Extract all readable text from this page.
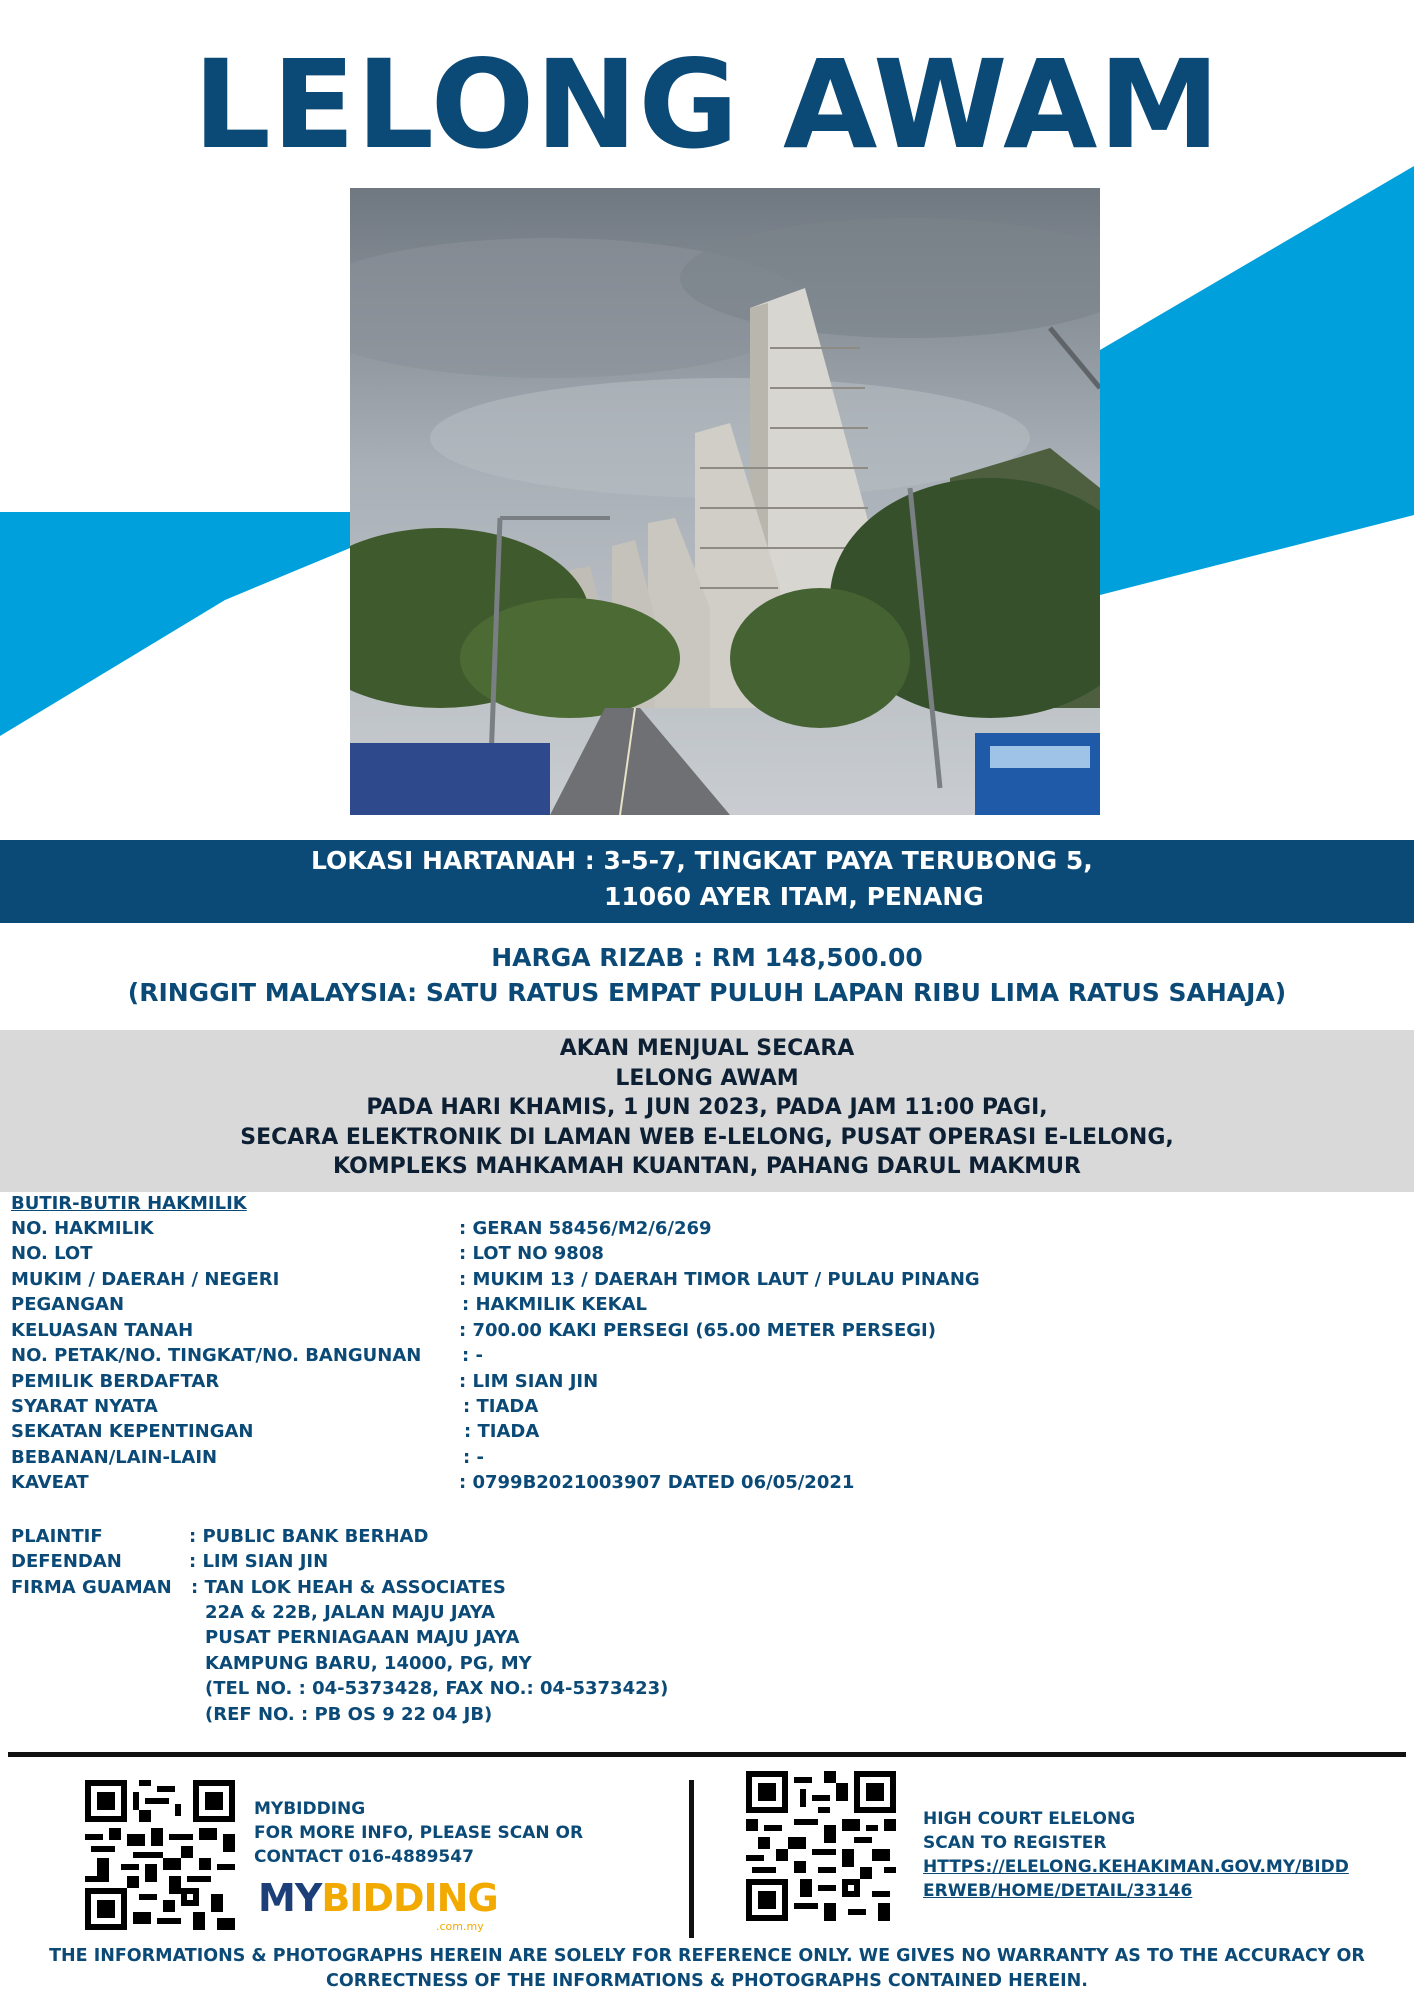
LELONG AWAM
LOKASI HARTANAH : 3-5-7, TINGKAT PAYA TERUBONG 5,
11060 AYER ITAM, PENANG
HARGA RIZAB : RM 148,500.00
(RINGGIT MALAYSIA: SATU RATUS EMPAT PULUH LAPAN RIBU LIMA RATUS SAHAJA)
AKAN MENJUAL SECARA
LELONG AWAM
PADA HARI KHAMIS, 1 JUN 2023, PADA JAM 11:00 PAGI,
SECARA ELEKTRONIK DI LAMAN WEB E-LELONG, PUSAT OPERASI E-LELONG,
KOMPLEKS MAHKAMAH KUANTAN, PAHANG DARUL MAKMUR
BUTIR-BUTIR HAKMILIK
NO. HAKMILIK	: GERAN 58456/M2/6/269
NO. LOT	: LOT NO 9808
MUKIM / DAERAH / NEGERI	: MUKIM 13 / DAERAH TIMOR LAUT / PULAU PINANG
PEGANGAN	: HAKMILIK KEKAL
KELUASAN TANAH	: 700.00 KAKI PERSEGI (65.00 METER PERSEGI)
NO. PETAK/NO. TINGKAT/NO. BANGUNAN : -
PEMILIK BERDAFTAR	: LIM SIAN JIN
SYARAT NYATA	: TIADA
SEKATAN KEPENTINGAN	: TIADA
BEBANAN/LAIN-LAIN	: -
KAVEAT	: 0799B2021003907 DATED 06/05/2021
PLAINTIF	: PUBLIC BANK BERHAD
DEFENDAN	: LIM SIAN JIN
FIRMA GUAMAN : TAN LOK HEAH & ASSOCIATES
22A & 22B, JALAN MAJU JAYA
PUSAT PERNIAGAAN MAJU JAYA
KAMPUNG BARU, 14000, PG, MY
(TEL NO. : 04-5373428, FAX NO.: 04-5373423)
(REF NO. : PB OS 9 22 04 JB)
MYBIDDING
FOR MORE INFO, PLEASE SCAN OR
CONTACT 016-4889547
MYBIDDING
.com.my
HIGH COURT ELELONG
SCAN TO REGISTER
HTTPS://ELELONG.KEHAKIMAN.GOV.MY/BIDD
ERWEB/HOME/DETAIL/33146
THE INFORMATIONS & PHOTOGRAPHS HEREIN ARE SOLELY FOR REFERENCE ONLY. WE GIVES NO WARRANTY AS TO THE ACCURACY OR
CORRECTNESS OF THE INFORMATIONS & PHOTOGRAPHS CONTAINED HEREIN.
